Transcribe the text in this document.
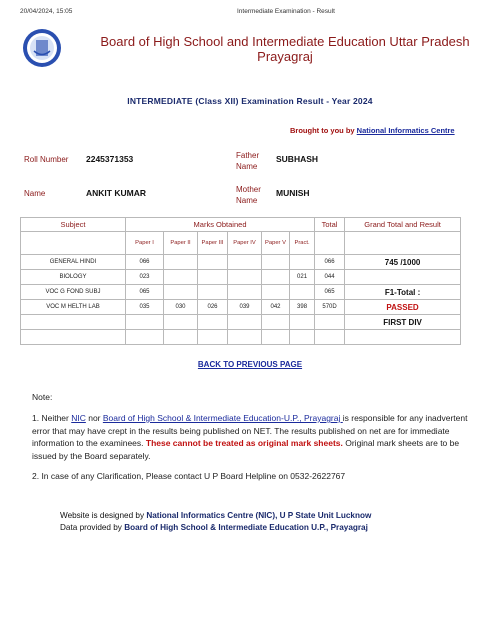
20/04/2024, 15:05	Intermediate Examination - Result
Board of High School and Intermediate Education Uttar Pradesh
Prayagraj
INTERMEDIATE (Class XII) Examination Result - Year 2024
Brought to you by National Informatics Centre
Roll Number 2245371353	Father Name
SUBHASH
Name	ANKIT KUMAR	Mother Name
MUNISH
Subject	Marks Obtained						Total	Grand Total and Result
	Paper I	Paper II	Paper III	Paper IV	Paper V	Pract.		
GENERAL HINDI	066						066	745 /1000
BIOLOGY	023					021	044	
VOC G FOND SUBJ	065						065	F1-Total :
VOC M HELTH LAB	035	030	026	039	042	398	570D	PASSED
								FIRST DIV

BACK TO PREVIOUS PAGE
Note:

1. Neither NIC nor Board of High School & Intermediate Education-U.P., Prayagraj is responsible for any inadvertent error that may have crept in the results being published on NET. The results published on net are for immediate information to the examinees. These cannot be treated as original mark sheets. Original mark sheets are to be issued by the Board separately.

2. In case of any Clarification, Please contact U P Board Helpline on 0532-2622767

Website is designed by National Informatics Centre (NIC), U P State Unit Lucknow
Data provided by Board of High School & Intermediate Education U.P., Prayagraj
